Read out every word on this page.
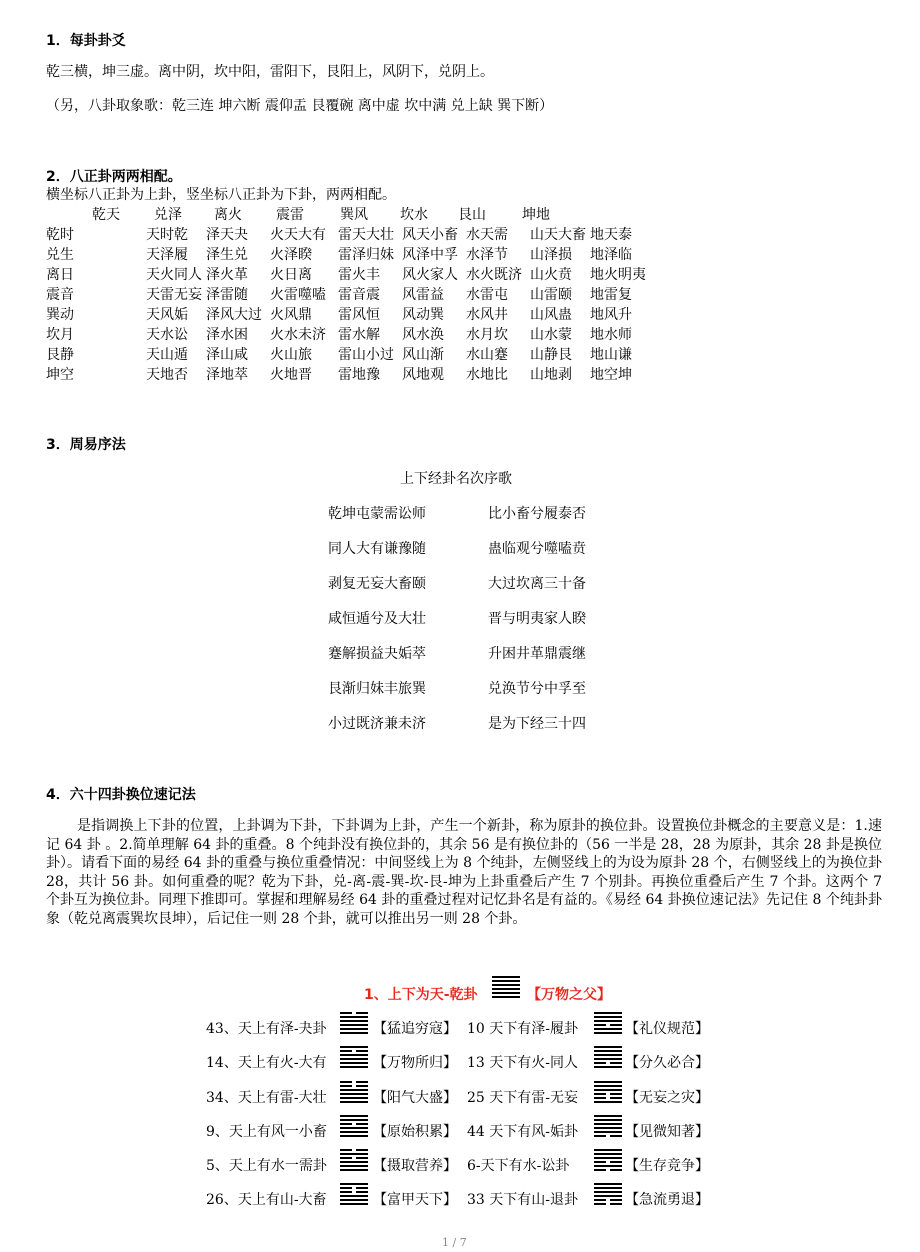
1．每卦卦爻
乾三横，坤三虚。离中阴，坎中阳，雷阳下，艮阳上，风阴下，兑阴上。
（另，八卦取象歌：乾三连 坤六断 震仰盂 艮覆碗 离中虚 坎中满 兑上缺 巽下断）
2．八正卦两两相配。
横坐标八正卦为上卦，竖坐标八正卦为下卦，两两相配。
乾天 兑泽 离火 震雷	巽风 坎水 艮山	坤地
乾时	天时乾 泽天夬 火天大有 雷天大壮 风天小畜 水天需 山天大畜 地天泰
兑生	天泽履 泽生兑 火泽睽 雷泽归妹 风泽中孚 水泽节 山泽损 地泽临
离日	天火同人 泽火革 火日离 雷火丰 风火家人 水火既济 山火贲 地火明夷
震音	天雷无妄 泽雷随 火雷噬嗑 雷音震 风雷益 水雷屯 山雷颐 地雷复
巽动	天风姤 泽风大过 火风鼎 雷风恒 风动巽 水风井 山风蛊 地风升
坎月	天水讼 泽水困 火水未济 雷水解 风水涣 水月坎 山水蒙 地水师
艮静	天山遁 泽山咸 火山旅 雷山小过 风山渐 水山蹇 山静艮 地山谦
坤空	天地否 泽地萃 火地晋 雷地豫 风地观 水地比 山地剥 地空坤
3．周易序法
上下经卦名次序歌
乾坤屯蒙需讼师	比小畜兮履泰否
同人大有谦豫随	蛊临观兮噬嗑贲
剥复无妄大畜颐	大过坎离三十备
咸恒遁兮及大壮	晋与明夷家人睽
蹇解损益夬姤萃	升困井革鼎震继
艮渐归妹丰旅巽	兑涣节兮中孚至
小过既济兼未济	是为下经三十四
4．六十四卦换位速记法
是指调换上下卦的位置，上卦调为下卦，下卦调为上卦，产生一个新卦，称为原卦的换位卦。设置换位卦概念的主要意义是：1.速记 64 卦 。2.简单理解 64 卦的重叠。8 个纯卦没有换位卦的，其余 56 是有换位卦的（56 一半是 28，28 为原卦，其余 28 卦是换位卦）。请看下面的易经 64 卦的重叠与换位重叠情况：中间竖线上为 8 个纯卦，左侧竖线上的为设为原卦 28 个，右侧竖线上的为换位卦 28，共计 56 卦。如何重叠的呢？乾为下卦，兑-离-震-巽-坎-艮-坤为上卦重叠后产生 7 个别卦。再换位重叠后产生 7 个卦。这两个 7 个卦互为换位卦。同理下推即可。掌握和理解易经 64 卦的重叠过程对记忆卦名是有益的。《易经 64 卦换位速记法》先记住 8 个纯卦卦象（乾兑离震巽坎艮坤），后记住一则 28 个卦，就可以推出另一则 28 个卦。
1、上下为天-乾卦	【万物之父】
43、天上有泽-夬卦	【猛追穷寇】 10 天下有泽-履卦	【礼仪规范】
14、天上有火-大有	【万物所归】 13 天下有火-同人	【分久必合】
34、天上有雷-大壮	【阳气大盛】 25 天下有雷-无妄	【无妄之灾】
9、天上有风一小畜	【原始积累】 44 天下有风-姤卦	【见微知著】
5、天上有水一需卦	【摄取营养】 6-天下有水-讼卦	【生存竞争】
26、天上有山-大畜	【富甲天下】 33 天下有山-退卦	【急流勇退】
1 / 7
